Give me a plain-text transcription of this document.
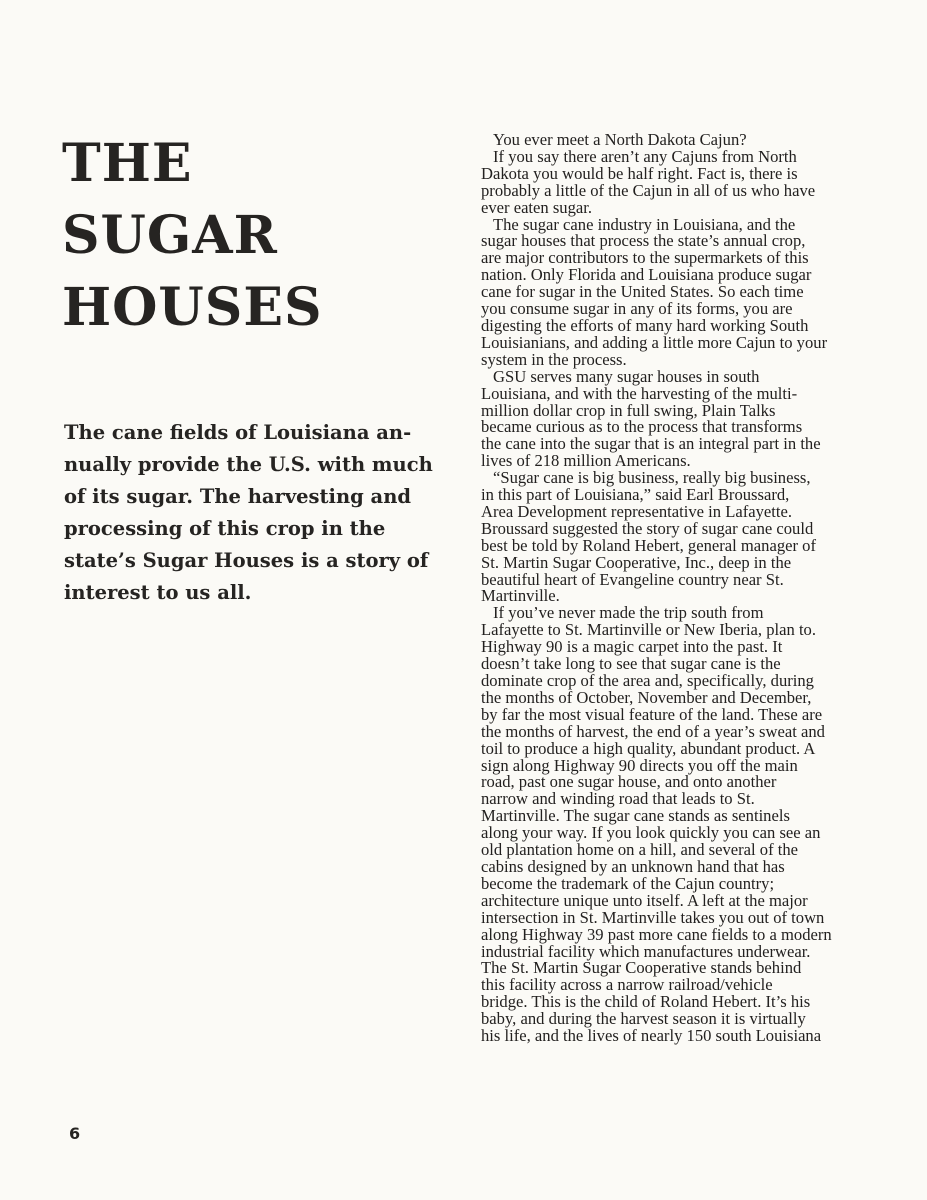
THE
SUGAR
HOUSES
The cane fields of Louisiana an-
nually provide the U.S. with much
of its sugar. The harvesting and
processing of this crop in the
state’s Sugar Houses is a story of
interest to us all.
You ever meet a North Dakota Cajun?
If you say there aren’t any Cajuns from North
Dakota you would be half right. Fact is, there is
probably a little of the Cajun in all of us who have
ever eaten sugar.
The sugar cane industry in Louisiana, and the
sugar houses that process the state’s annual crop,
are major contributors to the supermarkets of this
nation. Only Florida and Louisiana produce sugar
cane for sugar in the United States. So each time
you consume sugar in any of its forms, you are
digesting the efforts of many hard working South
Louisianians, and adding a little more Cajun to your
system in the process.
GSU serves many sugar houses in south
Louisiana, and with the harvesting of the multi-
million dollar crop in full swing, Plain Talks
became curious as to the process that transforms
the cane into the sugar that is an integral part in the
lives of 218 million Americans.
“Sugar cane is big business, really big business,
in this part of Louisiana,” said Earl Broussard,
Area Development representative in Lafayette.
Broussard suggested the story of sugar cane could
best be told by Roland Hebert, general manager of
St. Martin Sugar Cooperative, Inc., deep in the
beautiful heart of Evangeline country near St.
Martinville.
If you’ve never made the trip south from
Lafayette to St. Martinville or New Iberia, plan to.
Highway 90 is a magic carpet into the past. It
doesn’t take long to see that sugar cane is the
dominate crop of the area and, specifically, during
the months of October, November and December,
by far the most visual feature of the land. These are
the months of harvest, the end of a year’s sweat and
toil to produce a high quality, abundant product. A
sign along Highway 90 directs you off the main
road, past one sugar house, and onto another
narrow and winding road that leads to St.
Martinville. The sugar cane stands as sentinels
along your way. If you look quickly you can see an
old plantation home on a hill, and several of the
cabins designed by an unknown hand that has
become the trademark of the Cajun country;
architecture unique unto itself. A left at the major
intersection in St. Martinville takes you out of town
along Highway 39 past more cane fields to a modern
industrial facility which manufactures underwear.
The St. Martin Sugar Cooperative stands behind
this facility across a narrow railroad/vehicle
bridge. This is the child of Roland Hebert. It’s his
baby, and during the harvest season it is virtually
his life, and the lives of nearly 150 south Louisiana
6
